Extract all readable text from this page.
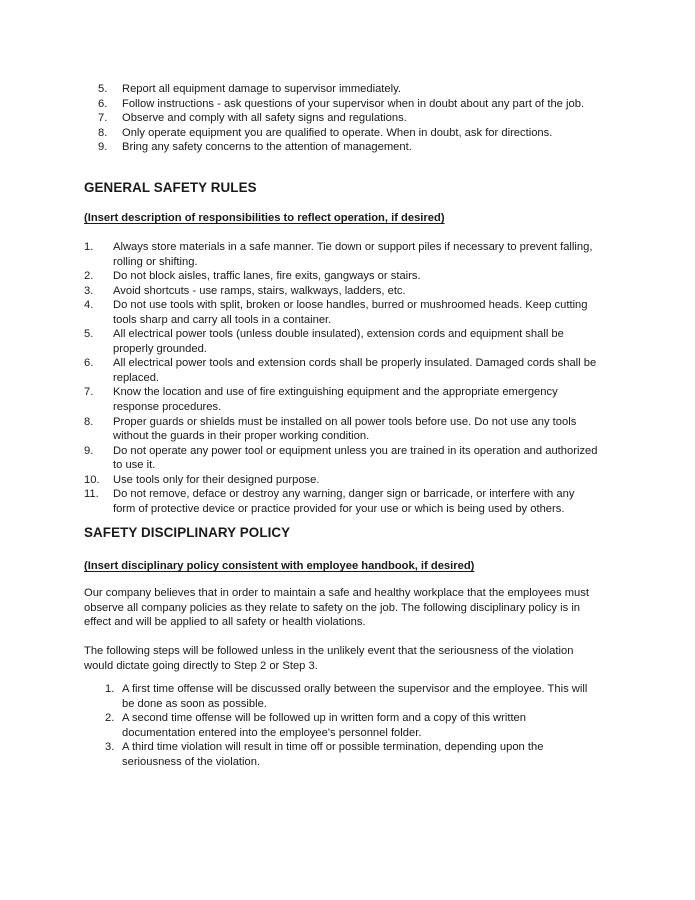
5.	Report all equipment damage to supervisor immediately.
6.	Follow instructions - ask questions of your supervisor when in doubt about any part of the job.
7.	Observe and comply with all safety signs and regulations.
8.	Only operate equipment you are qualified to operate. When in doubt, ask for directions.
9.	Bring any safety concerns to the attention of management.
GENERAL SAFETY RULES
(Insert description of responsibilities to reflect operation, if desired)
1.	Always store materials in a safe manner. Tie down or support piles if necessary to prevent falling, rolling or shifting.
2.	Do not block aisles, traffic lanes, fire exits, gangways or stairs.
3.	Avoid shortcuts - use ramps, stairs, walkways, ladders, etc.
4.	Do not use tools with split, broken or loose handles, burred or mushroomed heads. Keep cutting tools sharp and carry all tools in a container.
5.	All electrical power tools (unless double insulated), extension cords and equipment shall be properly grounded.
6.	All electrical power tools and extension cords shall be properly insulated. Damaged cords shall be replaced.
7.	Know the location and use of fire extinguishing equipment and the appropriate emergency response procedures.
8.	Proper guards or shields must be installed on all power tools before use. Do not use any tools without the guards in their proper working condition.
9.	Do not operate any power tool or equipment unless you are trained in its operation and authorized to use it.
10.	Use tools only for their designed purpose.
11.	Do not remove, deface or destroy any warning, danger sign or barricade, or interfere with any form of protective device or practice provided for your use or which is being used by others.
SAFETY DISCIPLINARY POLICY
(Insert disciplinary policy consistent with employee handbook, if desired)
Our company believes that in order to maintain a safe and healthy workplace that the employees must observe all company policies as they relate to safety on the job. The following disciplinary policy is in effect and will be applied to all safety or health violations.
The following steps will be followed unless in the unlikely event that the seriousness of the violation would dictate going directly to Step 2 or Step 3.
1. A first time offense will be discussed orally between the supervisor and the employee. This will be done as soon as possible.
2. A second time offense will be followed up in written form and a copy of this written documentation entered into the employee's personnel folder.
3. A third time violation will result in time off or possible termination, depending upon the seriousness of the violation.
